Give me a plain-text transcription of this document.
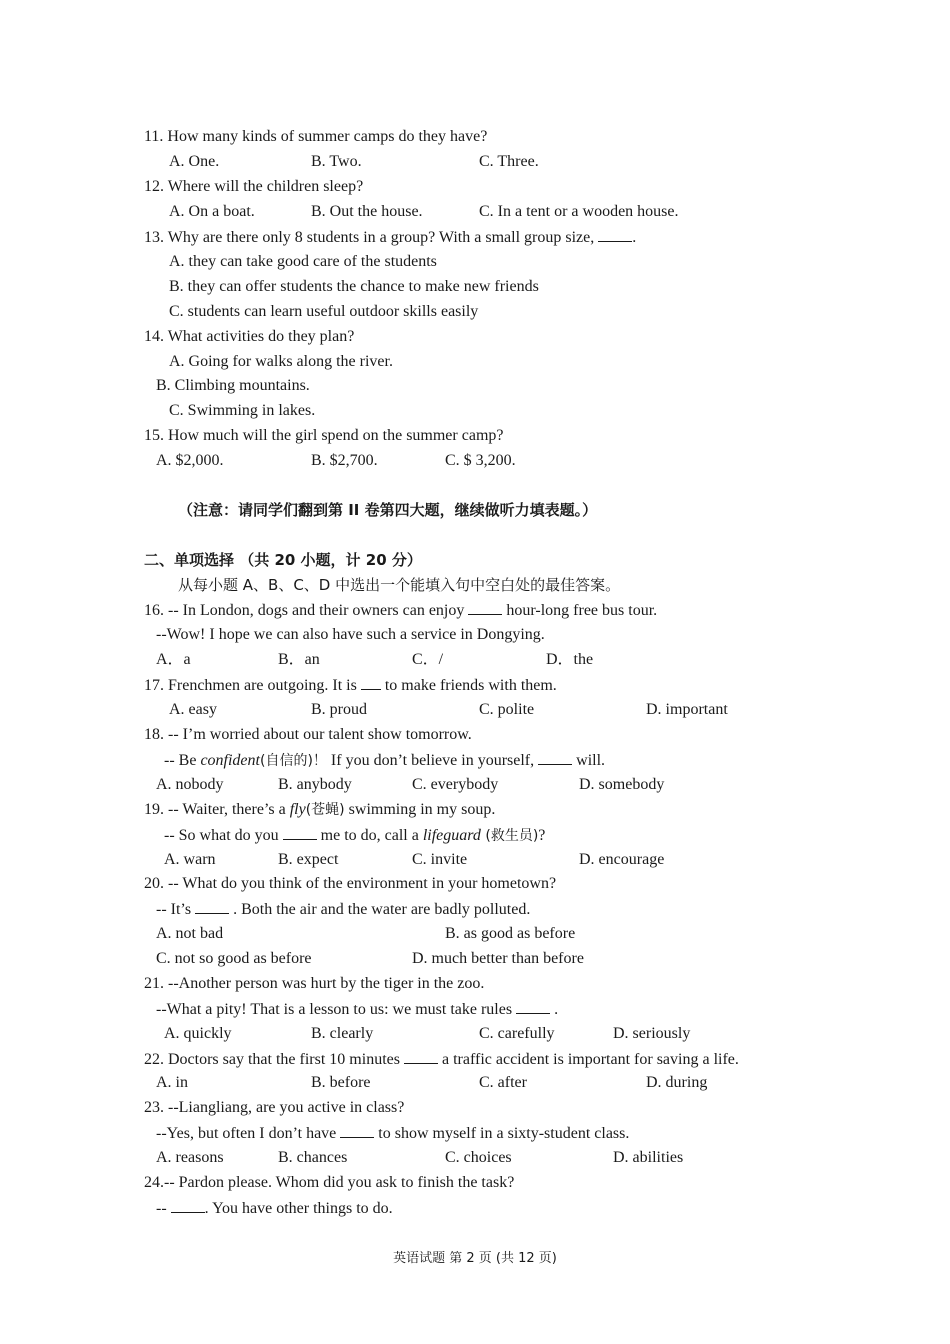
11. How many kinds of summer camps do they have?
A. One.	B. Two.	C. Three.
12. Where will the children sleep?
A. On a boat.	B. Out the house.	C. In a tent or a wooden house.
13. Why are there only 8 students in a group? With a small group size, .
A. they can take good care of the students
B. they can offer students the chance to make new friends
C. students can learn useful outdoor skills easily
14. What activities do they plan?
A. Going for walks along the river.
B. Climbing mountains.
C. Swimming in lakes.
15. How much will the girl spend on the summer camp?
A. $2,000.	B. $2,700.	C. $ 3,200.
（注意：请同学们翻到第 II 卷第四大题，继续做听力填表题。）
二、单项选择 （共 20 小题，计 20 分）
从每小题 A、B、C、D 中选出一个能填入句中空白处的最佳答案。
16. -- In London, dogs and their owners can enjoy  hour-long free bus tour.
--Wow! I hope we can also have such a service in Dongying.
A．a	B．an	C．/	D．the
17. Frenchmen are outgoing. It is  to make friends with them.
A. easy	B. proud	C. polite	D. important
18. -- I’m worried about our talent show tomorrow.
-- Be confident(自信的)！ If you don’t believe in yourself,  will.
A. nobody	B. anybody	C. everybody	D. somebody
19. -- Waiter, there’s a fly(苍蝇) swimming in my soup.
-- So what do you  me to do, call a lifeguard (救生员)?
A. warn	B. expect	C. invite	D. encourage
20. -- What do you think of the environment in your hometown?
-- It’s  . Both the air and the water are badly polluted.
A. not bad	B. as good as before
C. not so good as before	D. much better than before
21. --Another person was hurt by the tiger in the zoo.
--What a pity! That is a lesson to us: we must take rules  .
A. quickly	B. clearly	C. carefully	D. seriously
22. Doctors say that the first 10 minutes  a traffic accident is important for saving a life.
A. in	B. before	C. after	D. during
23. --Liangliang, are you active in class?
--Yes, but often I don’t have  to show myself in a sixty-student class.
A. reasons	B. chances	C. choices	D. abilities
24.-- Pardon please. Whom did you ask to finish the task?
-- . You have other things to do.
英语试题 第 2 页 (共 12 页)
